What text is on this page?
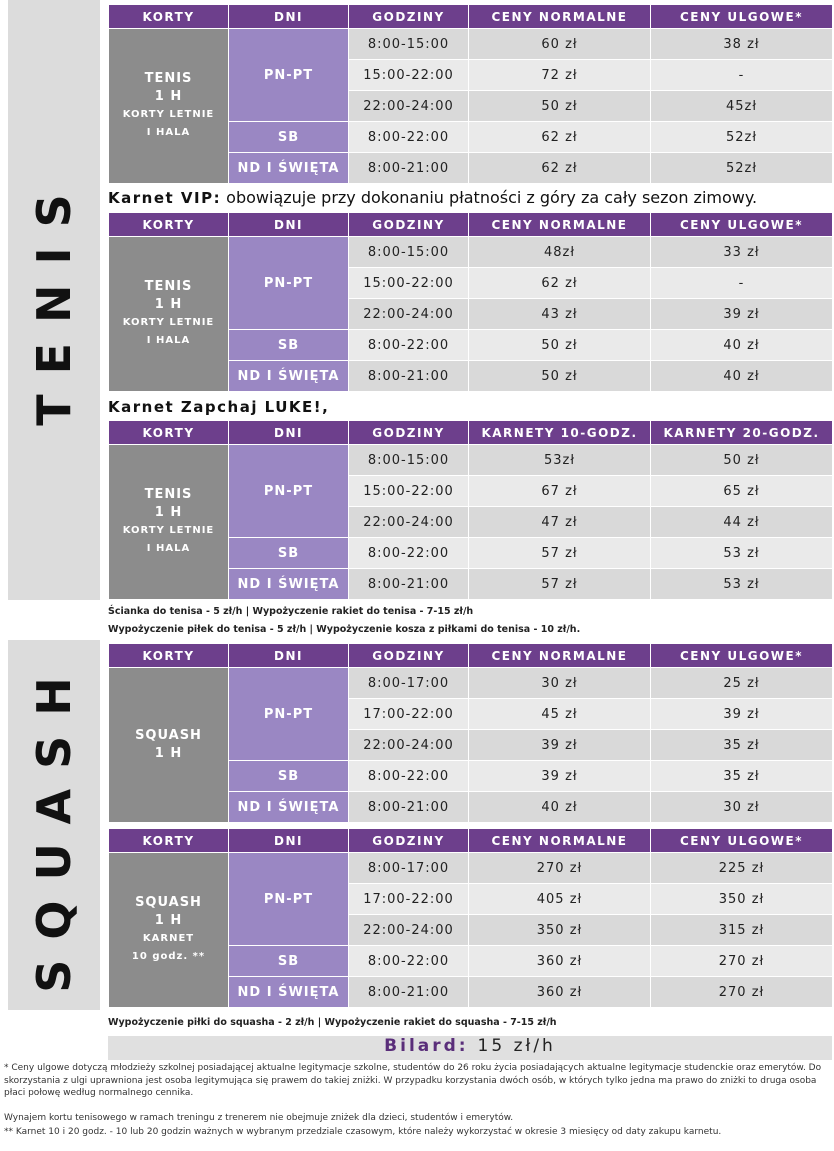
TENIS
SQUASH
KORTY	DNI	GODZINY	CENY NORMALNE	CENY ULGOWE*
TENIS
1 H

KORTY LETNIE
I HALA	PN-PT	8:00-15:00	60 zł	38 zł
		15:00-22:00	72 zł	-
		22:00-24:00	50 zł	45zł
	SB	8:00-22:00	62 zł	52zł
	ND I ŚWIĘTA	8:00-21:00	62 zł	52zł
Karnet VIP: obowiązuje przy dokonaniu płatności z góry za cały sezon zimowy.
KORTY	DNI	GODZINY	CENY NORMALNE	CENY ULGOWE*
TENIS
1 H

KORTY LETNIE
I HALA	PN-PT	8:00-15:00	48zł	33 zł
		15:00-22:00	62 zł	-
		22:00-24:00	43 zł	39 zł
	SB	8:00-22:00	50 zł	40 zł
	ND I ŚWIĘTA	8:00-21:00	50 zł	40 zł
Karnet Zapchaj LUKE!,
KORTY	DNI	GODZINY	KARNETY 10-GODZ.	KARNETY 20-GODZ.
TENIS
1 H

KORTY LETNIE
I HALA	PN-PT	8:00-15:00	53zł	50 zł
		15:00-22:00	67 zł	65 zł
		22:00-24:00	47 zł	44 zł
	SB	8:00-22:00	57 zł	53 zł
	ND I ŚWIĘTA	8:00-21:00	57 zł	53 zł
Ścianka do tenisa - 5 zł/h | Wypożyczenie rakiet do tenisa - 7-15 zł/h
Wypożyczenie piłek do tenisa - 5 zł/h | Wypożyczenie kosza z piłkami do tenisa - 10 zł/h.
KORTY	DNI	GODZINY	CENY NORMALNE	CENY ULGOWE*
SQUASH
1 H	PN-PT	8:00-17:00	30 zł	25 zł
		17:00-22:00	45 zł	39 zł
		22:00-24:00	39 zł	35 zł
	SB	8:00-22:00	39 zł	35 zł
	ND I ŚWIĘTA	8:00-21:00	40 zł	30 zł
KORTY	DNI	GODZINY	CENY NORMALNE	CENY ULGOWE*
SQUASH
1 H

KARNET
10 godz. **	PN-PT	8:00-17:00	270 zł	225 zł
		17:00-22:00	405 zł	350 zł
		22:00-24:00	350 zł	315 zł
	SB	8:00-22:00	360 zł	270 zł
	ND I ŚWIĘTA	8:00-21:00	360 zł	270 zł
Wypożyczenie piłki do squasha - 2 zł/h | Wypożyczenie rakiet do squasha - 7-15 zł/h
Bilard: 15 zł/h
* Ceny ulgowe dotyczą młodzieży szkolnej posiadającej aktualne legitymacje szkolne, studentów do 26 roku życia posiadających aktualne legitymacje studenckie oraz emerytów. Do skorzystania z ulgi uprawniona jest osoba legitymująca się prawem do takiej zniżki. W przypadku korzystania dwóch osób, w których tylko jedna ma prawo do zniżki to druga osoba płaci połowę według normalnego cennika.
Wynajem kortu tenisowego w ramach treningu z trenerem nie obejmuje zniżek dla dzieci, studentów i emerytów.
** Karnet 10 i 20 godz. - 10 lub 20 godzin ważnych w wybranym przedziale czasowym, które należy wykorzystać w okresie 3 miesięcy od daty zakupu karnetu.
